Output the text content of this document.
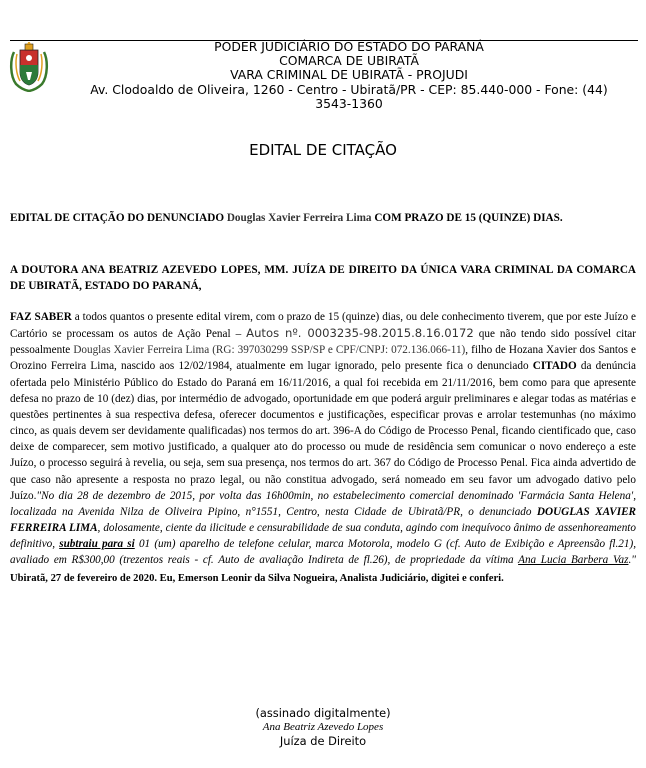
PODER JUDICIÁRIO DO ESTADO DO PARANÁ
COMARCA DE UBIRATÃ
VARA CRIMINAL DE UBIRATÃ - PROJUDI
Av. Clodoaldo de Oliveira, 1260 - Centro - Ubiratã/PR - CEP: 85.440-000 - Fone: (44)
3543-1360
EDITAL DE CITAÇÃO
EDITAL DE CITAÇÃO DO DENUNCIADO Douglas Xavier Ferreira Lima COM PRAZO DE 15 (QUINZE) DIAS.
A DOUTORA ANA BEATRIZ AZEVEDO LOPES, MM. JUÍZA DE DIREITO DA ÚNICA VARA CRIMINAL DA COMARCA DE UBIRATÃ, ESTADO DO PARANÁ,
FAZ SABER a todos quantos o presente edital virem, com o prazo de 15 (quinze) dias, ou dele conhecimento tiverem, que por este Juízo e Cartório se processam os autos de Ação Penal – Autos nº. 0003235-98.2015.8.16.0172 que não tendo sido possível citar pessoalmente Douglas Xavier Ferreira Lima (RG: 397030299 SSP/SP e CPF/CNPJ: 072.136.066-11), filho de Hozana Xavier dos Santos e Orozino Ferreira Lima, nascido aos 12/02/1984, atualmente em lugar ignorado, pelo presente fica o denunciado CITADO da denúncia ofertada pelo Ministério Público do Estado do Paraná em 16/11/2016, a qual foi recebida em 21/11/2016, bem como para que apresente defesa no prazo de 10 (dez) dias, por intermédio de advogado, oportunidade em que poderá arguir preliminares e alegar todas as matérias e questões pertinentes à sua respectiva defesa, oferecer documentos e justificações, especificar provas e arrolar testemunhas (no máximo cinco, as quais devem ser devidamente qualificadas) nos termos do art. 396-A do Código de Processo Penal, ficando cientificado que, caso deixe de comparecer, sem motivo justificado, a qualquer ato do processo ou mude de residência sem comunicar o novo endereço a este Juízo, o processo seguirá à revelia, ou seja, sem sua presença, nos termos do art. 367 do Código de Processo Penal. Fica ainda advertido de que caso não apresente a resposta no prazo legal, ou não constitua advogado, será nomeado em seu favor um advogado dativo pelo Juízo."No dia 28 de dezembro de 2015, por volta das 16h00min, no estabelecimento comercial denominado 'Farmácia Santa Helena', localizada na Avenida Nilza de Oliveira Pipino, n°1551, Centro, nesta Cidade de Ubiratã/PR, o denunciado DOUGLAS XAVIER FERREIRA LIMA, dolosamente, ciente da ilicitude e censurabilidade de sua conduta, agindo com inequívoco ânimo de assenhoreamento definitivo, subtraiu para si 01 (um) aparelho de telefone celular, marca Motorola, modelo G (cf. Auto de Exibição e Apreensão fl.21), avaliado em R$300,00 (trezentos reais - cf. Auto de avaliação Indireta de fl.26), de propriedade da vítima Ana Lucia Barbera Vaz." Ubiratã, 27 de fevereiro de 2020. Eu, Emerson Leonir da Silva Nogueira, Analista Judiciário, digitei e conferi.
(assinado digitalmente)
Ana Beatriz Azevedo Lopes
Juíza de Direito
